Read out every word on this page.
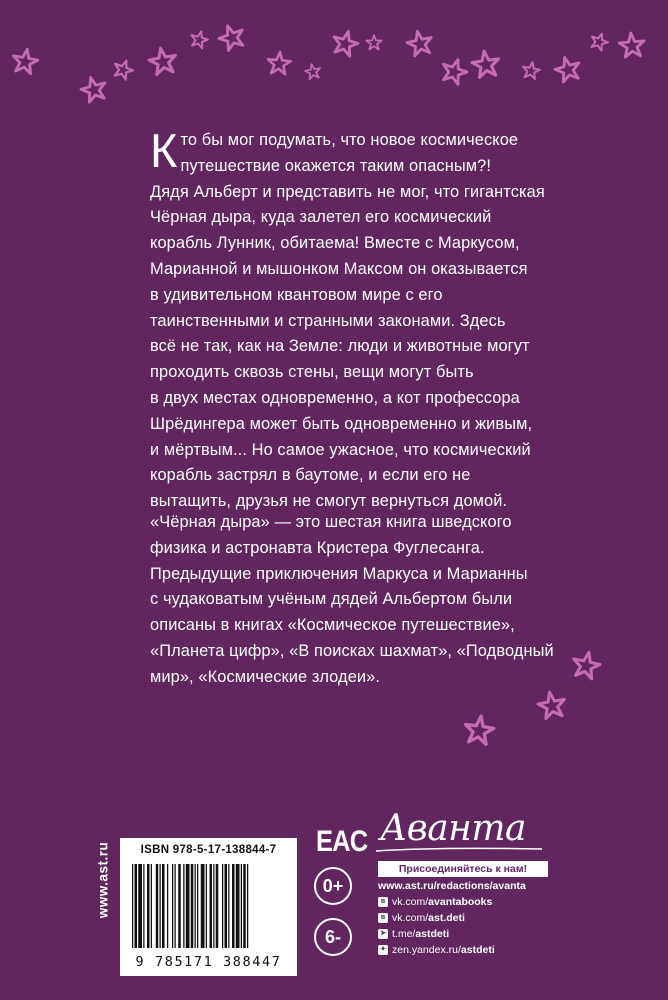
К то бы мог подумать, что новое космическое
путешествие окажется таким опасным?!
Дядя Альберт и представить не мог, что гигантская
Чёрная дыра, куда залетел его космический
корабль Лунник, обитаема! Вместе с Маркусом,
Марианной и мышонком Максом он оказывается
в удивительном квантовом мире с его
таинственными и странными законами. Здесь
всё не так, как на Земле: люди и животные могут
проходить сквозь стены, вещи могут быть
в двух местах одновременно, а кот профессора
Шрёдингера может быть одновременно и живым,
и мёртвым... Но самое ужасное, что космический
корабль застрял в баутоме, и если его не
вытащить, друзья не смогут вернуться домой.
«Чёрная дыра» — это шестая книга шведского
физика и астронавта Кристера Фуглесанга.
Предыдущие приключения Маркуса и Марианны
с чудаковатым учёным дядей Альбертом были
описаны в книгах «Космическое путешествие»,
«Планета цифр», «В поисках шахмат», «Подводный
мир», «Космические злодеи».
www.ast.ru	ISBN 978-5-17-138844-7
9 785171 388447
EAC
0+
6-
Аванта
Присоединяйтесь к нам!
www.ast.ru/redactions/avanta
в vk.com/ avantabooks
в vk.com/ ast.deti
➤ t.me/ astdeti
✦ zen.yandex.ru/ astdeti
